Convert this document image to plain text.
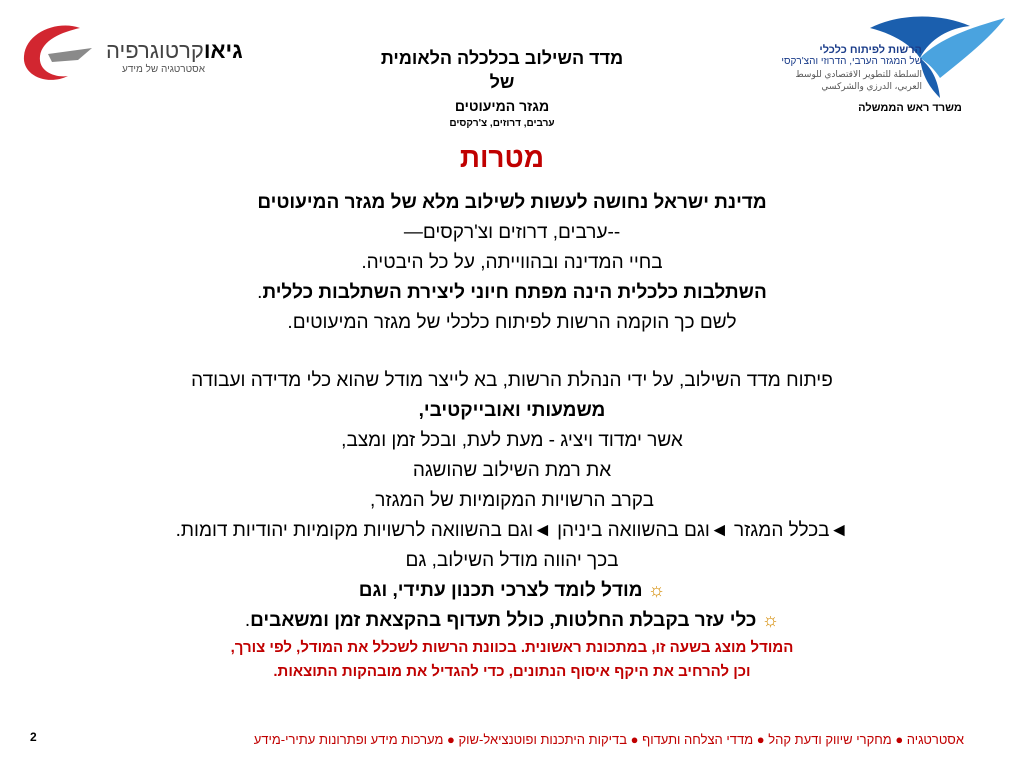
גיאוקרטוגרפיה
אסטרטגיה של מידע
הרשות לפיתוח כלכלי
של המגזר הערבי, הדרוזי והצ'רקסי
السلطة للتطوير الاقتصادي للوسط
العربي، الدرزي والشركسي
משרד ראש הממשלה
מדד השילוב בכלכלה הלאומית
של
מגזר המיעוטים
ערבים, דרוזים, צ'רקסים
מטרות
מדינת ישראל נחושה לעשות לשילוב מלא של מגזר המיעוטים
--ערבים, דרוזים וצ'רקסים—
בחיי המדינה ובהווייתה, על כל היבטיה.
השתלבות כלכלית הינה מפתח חיוני ליצירת השתלבות כללית.
לשם כך הוקמה הרשות לפיתוח כלכלי של מגזר המיעוטים.
פיתוח מדד השילוב, על ידי הנהלת הרשות, בא לייצר מודל שהוא כלי מדידה ועבודה
משמעותי ואובייקטיבי,
אשר ימדוד ויציג - מעת לעת, ובכל זמן ומצב,
את רמת השילוב שהושגה
בקרב הרשויות המקומיות של המגזר,
◄בכלל המגזר ◄וגם בהשוואה ביניהן ◄וגם בהשוואה לרשויות מקומיות יהודיות דומות.
בכך יהווה מודל השילוב, גם
☼ מודל לומד לצרכי תכנון עתידי, וגם
☼ כלי עזר בקבלת החלטות, כולל תעדוף בהקצאת זמן ומשאבים.
המודל מוצג בשעה זו, במתכונת ראשונית. בכוונת הרשות לשכלל את המודל, לפי צורך,
וכן להרחיב את היקף איסוף הנתונים, כדי להגדיל את מובהקות התוצאות.
2	אסטרטגיה ● מחקרי שיווק ודעת קהל ● מדדי הצלחה ותעדוף ● בדיקות היתכנות ופוטנציאל-שוק ● מערכות מידע ופתרונות עתירי-מידע
